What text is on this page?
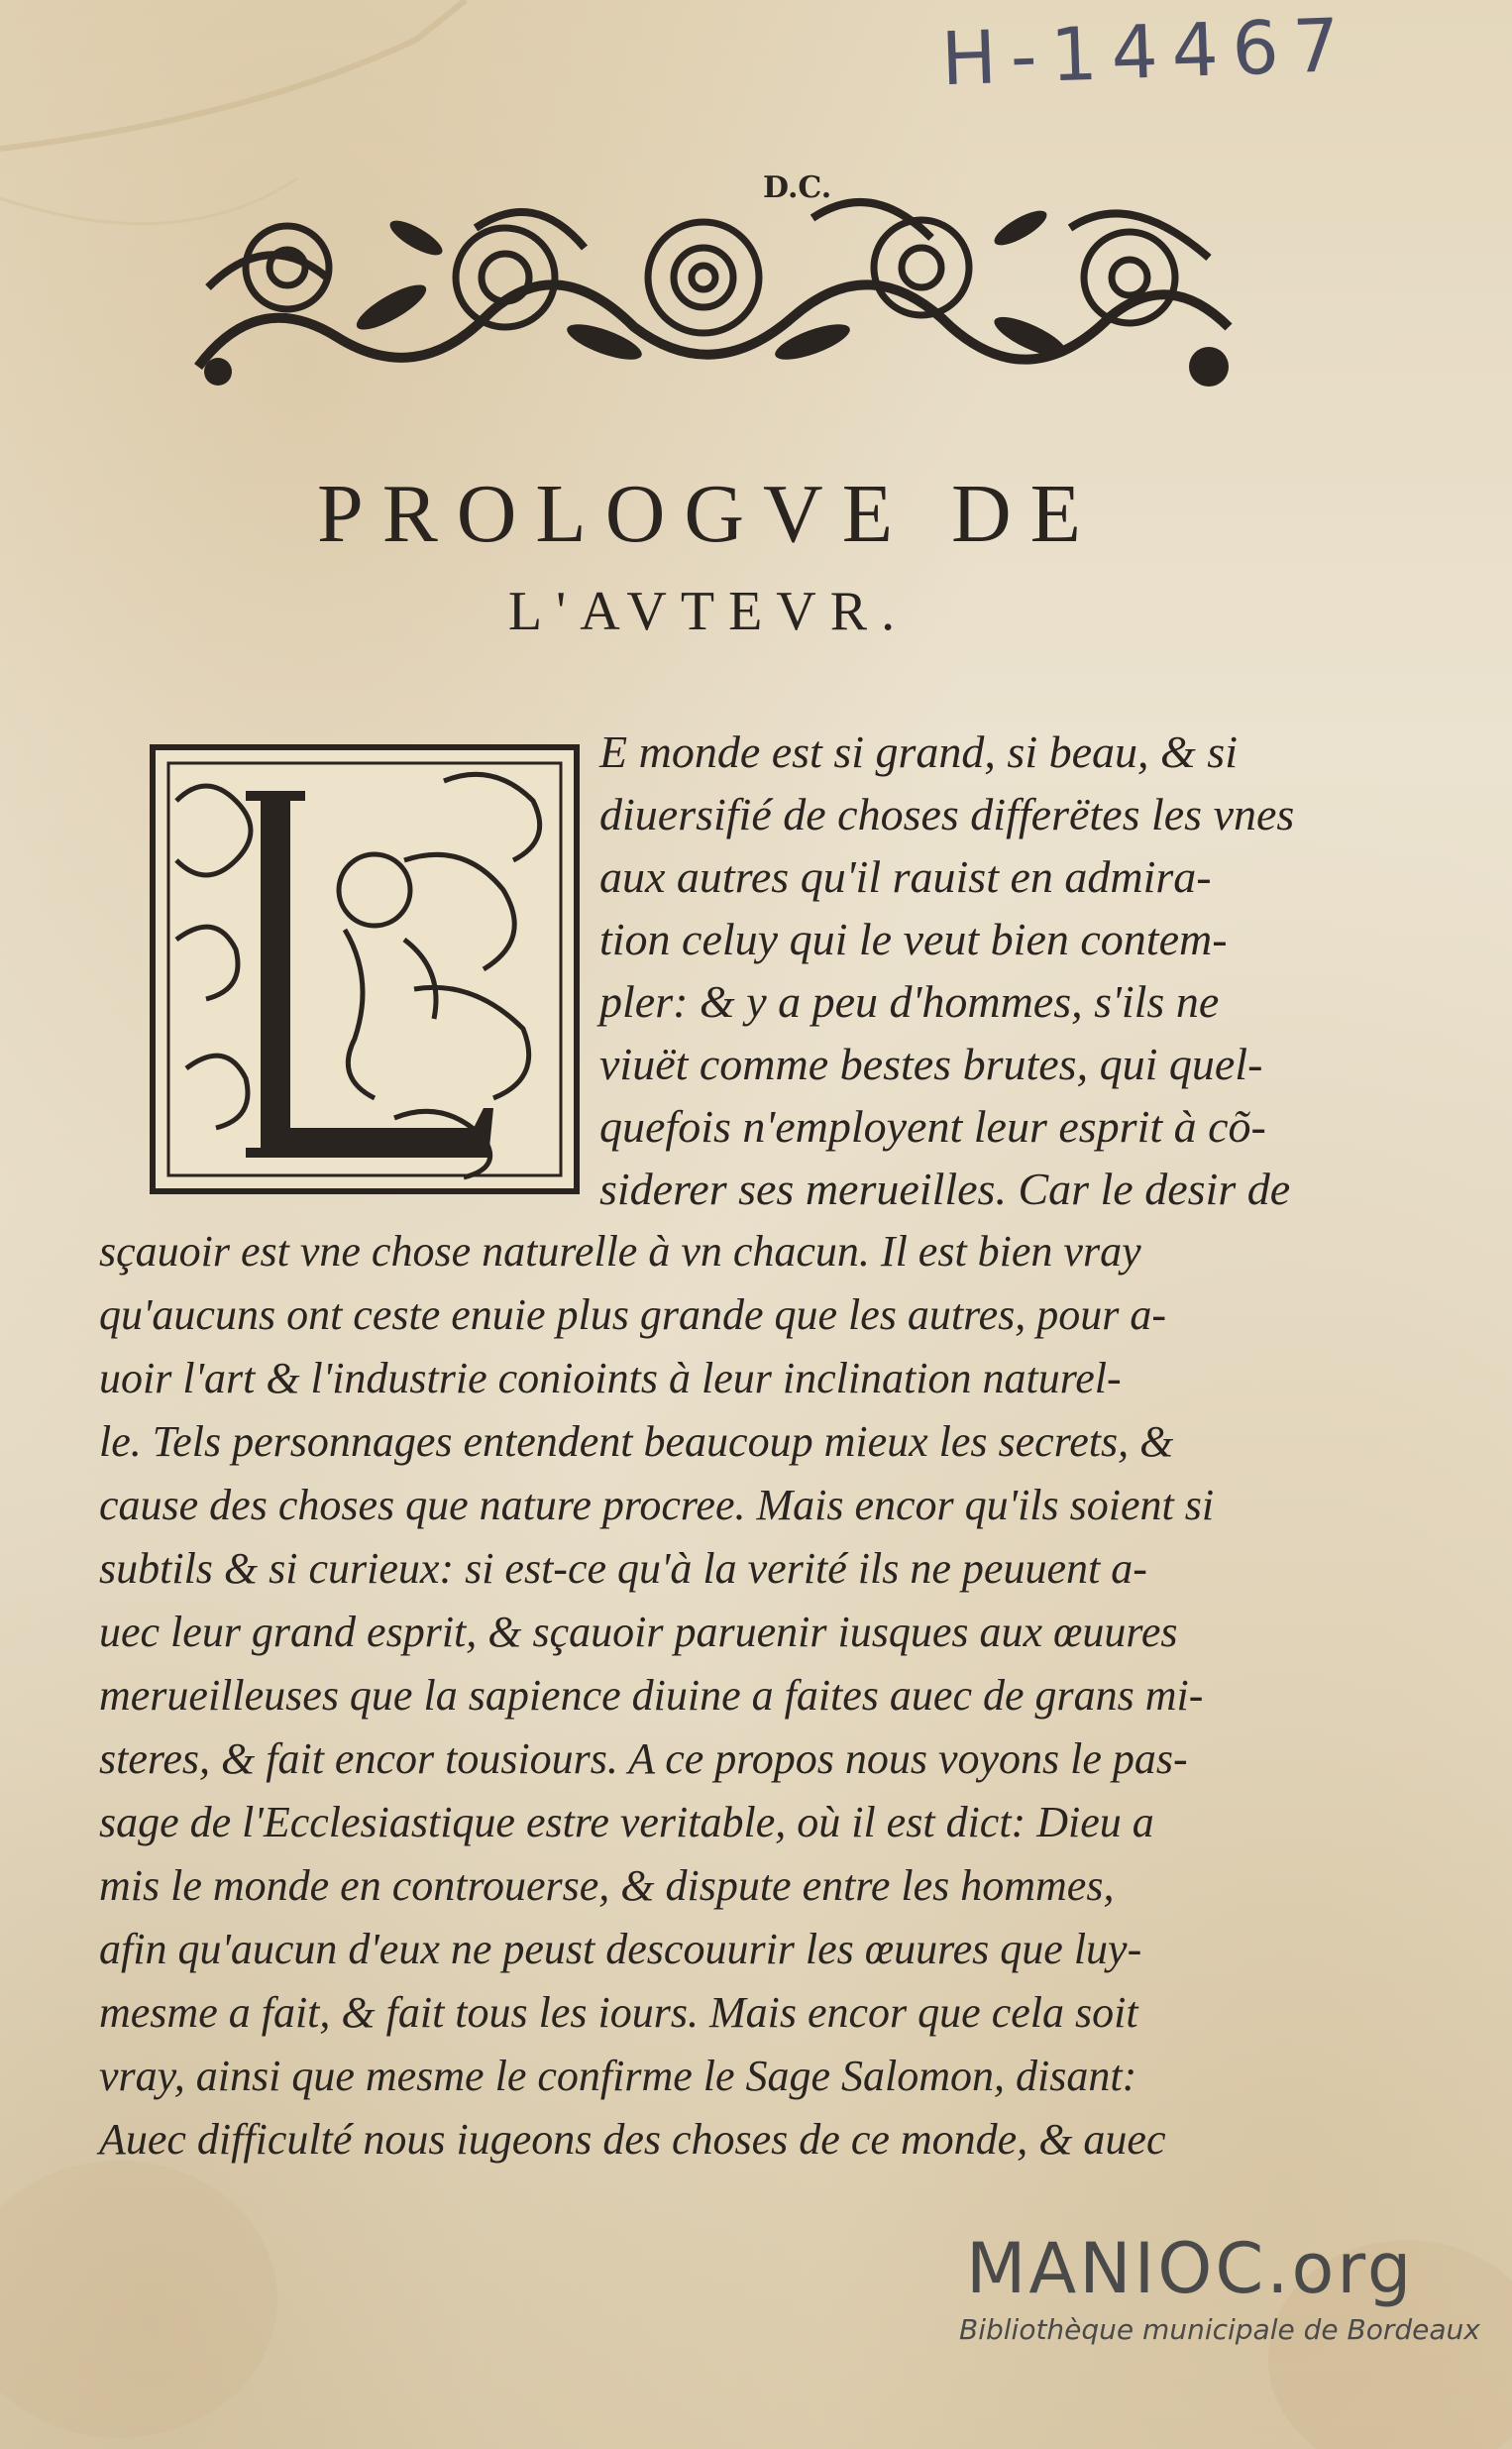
H-14467
D.C.
PROLOGVE DE
L'AVTEVR.
E monde est si grand, si beau, & si
diuersifié de choses differëtes les vnes
aux autres qu'il rauist en admira-
tion celuy qui le veut bien contem-
pler: & y a peu d'hommes, s'ils ne
viuët comme bestes brutes, qui quel-
quefois n'employent leur esprit à cõ-
siderer ses merueilles. Car le desir de
sçauoir est vne chose naturelle à vn chacun. Il est bien vray
qu'aucuns ont ceste enuie plus grande que les autres, pour a-
uoir l'art & l'industrie conioints à leur inclination naturel-
le. Tels personnages entendent beaucoup mieux les secrets, &
cause des choses que nature procree. Mais encor qu'ils soient si
subtils & si curieux: si est-ce qu'à la verité ils ne peuuent a-
uec leur grand esprit, & sçauoir paruenir iusques aux œuures
merueilleuses que la sapience diuine a faites auec de grans mi-
steres, & fait encor tousiours. A ce propos nous voyons le pas-
sage de l'Ecclesiastique estre veritable, où il est dict: Dieu a
mis le monde en controuerse, & dispute entre les hommes,
afin qu'aucun d'eux ne peust descouurir les œuures que luy-
mesme a fait, & fait tous les iours. Mais encor que cela soit
vray, ainsi que mesme le confirme le Sage Salomon, disant:
Auec difficulté nous iugeons des choses de ce monde, & auec
MANIOC.org
Bibliothèque municipale de Bordeaux
